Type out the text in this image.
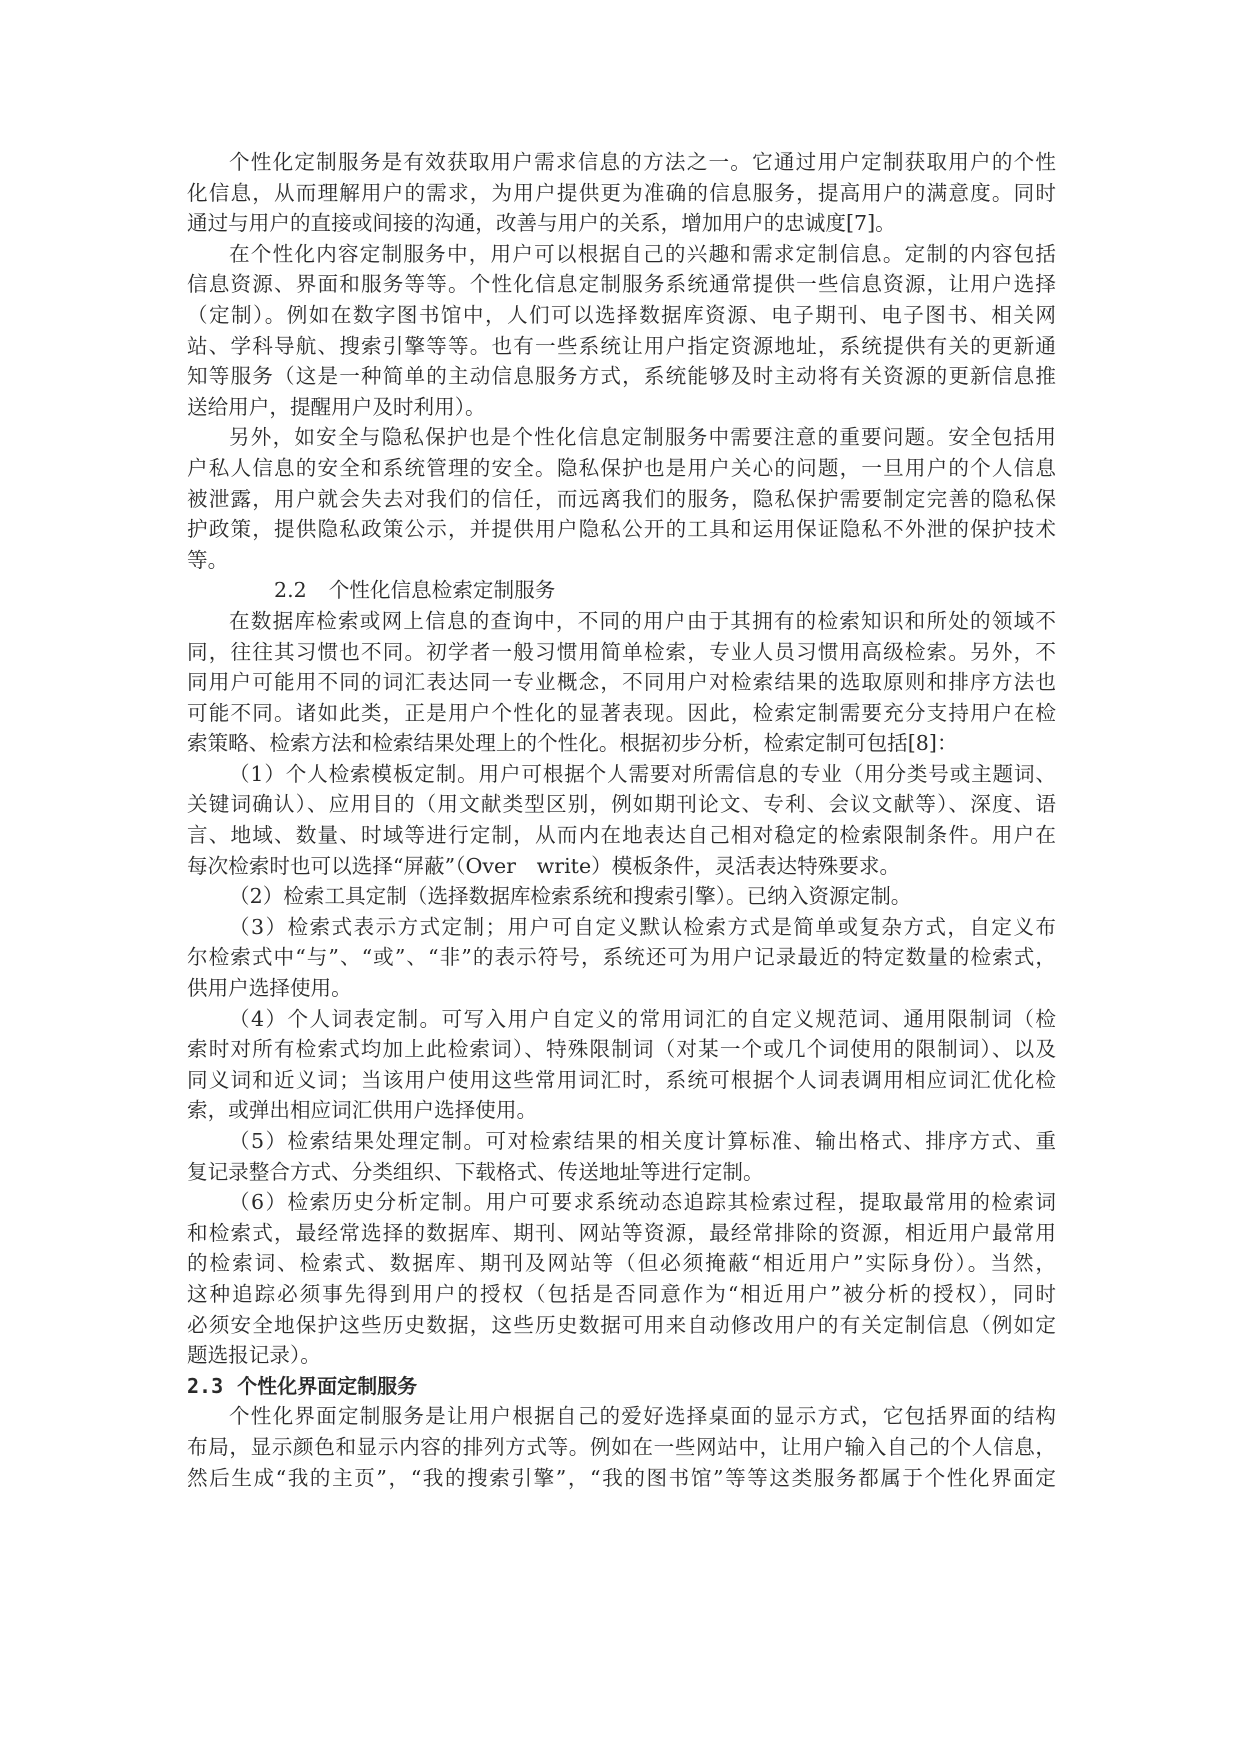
个性化定制服务是有效获取用户需求信息的方法之一。它通过用户定制获取用户的个性
化信息，从而理解用户的需求，为用户提供更为准确的信息服务，提高用户的满意度。同时
通过与用户的直接或间接的沟通，改善与用户的关系，增加用户的忠诚度[7]。
在个性化内容定制服务中，用户可以根据自己的兴趣和需求定制信息。定制的内容包括
信息资源、界面和服务等等。个性化信息定制服务系统通常提供一些信息资源，让用户选择
（定制）。例如在数字图书馆中，人们可以选择数据库资源、电子期刊、电子图书、相关网
站、学科导航、搜索引擎等等。也有一些系统让用户指定资源地址，系统提供有关的更新通
知等服务（这是一种简单的主动信息服务方式，系统能够及时主动将有关资源的更新信息推
送给用户，提醒用户及时利用）。
另外，如安全与隐私保护也是个性化信息定制服务中需要注意的重要问题。安全包括用
户私人信息的安全和系统管理的安全。隐私保护也是用户关心的问题，一旦用户的个人信息
被泄露，用户就会失去对我们的信任，而远离我们的服务，隐私保护需要制定完善的隐私保
护政策，提供隐私政策公示，并提供用户隐私公开的工具和运用保证隐私不外泄的保护技术
等。
2.2 个性化信息检索定制服务
在数据库检索或网上信息的查询中，不同的用户由于其拥有的检索知识和所处的领域不
同，往往其习惯也不同。初学者一般习惯用简单检索，专业人员习惯用高级检索。另外，不
同用户可能用不同的词汇表达同一专业概念，不同用户对检索结果的选取原则和排序方法也
可能不同。诸如此类，正是用户个性化的显著表现。因此，检索定制需要充分支持用户在检
索策略、检索方法和检索结果处理上的个性化。根据初步分析，检索定制可包括[8]：
（1）个人检索模板定制。用户可根据个人需要对所需信息的专业（用分类号或主题词、
关键词确认）、应用目的（用文献类型区别，例如期刊论文、专利、会议文献等）、深度、语
言、地域、数量、时域等进行定制，从而内在地表达自己相对稳定的检索限制条件。用户在
每次检索时也可以选择“屏蔽”（Over　write）模板条件，灵活表达特殊要求。
（2）检索工具定制（选择数据库检索系统和搜索引擎）。已纳入资源定制。
（3）检索式表示方式定制；用户可自定义默认检索方式是简单或复杂方式，自定义布
尔检索式中“与”、“或”、“非”的表示符号，系统还可为用户记录最近的特定数量的检索式，
供用户选择使用。
（4）个人词表定制。可写入用户自定义的常用词汇的自定义规范词、通用限制词（检
索时对所有检索式均加上此检索词）、特殊限制词（对某一个或几个词使用的限制词）、以及
同义词和近义词；当该用户使用这些常用词汇时，系统可根据个人词表调用相应词汇优化检
索，或弹出相应词汇供用户选择使用。
（5）检索结果处理定制。可对检索结果的相关度计算标准、输出格式、排序方式、重
复记录整合方式、分类组织、下载格式、传送地址等进行定制。
（6）检索历史分析定制。用户可要求系统动态追踪其检索过程，提取最常用的检索词
和检索式，最经常选择的数据库、期刊、网站等资源，最经常排除的资源，相近用户最常用
的检索词、检索式、数据库、期刊及网站等（但必须掩蔽“相近用户”实际身份）。当然，
这种追踪必须事先得到用户的授权（包括是否同意作为“相近用户”被分析的授权），同时
必须安全地保护这些历史数据，这些历史数据可用来自动修改用户的有关定制信息（例如定
题选报记录）。
2.3 个性化界面定制服务
个性化界面定制服务是让用户根据自己的爱好选择桌面的显示方式，它包括界面的结构
布局，显示颜色和显示内容的排列方式等。例如在一些网站中，让用户输入自己的个人信息，
然后生成“我的主页”，“我的搜索引擎”，“我的图书馆”等等这类服务都属于个性化界面定
